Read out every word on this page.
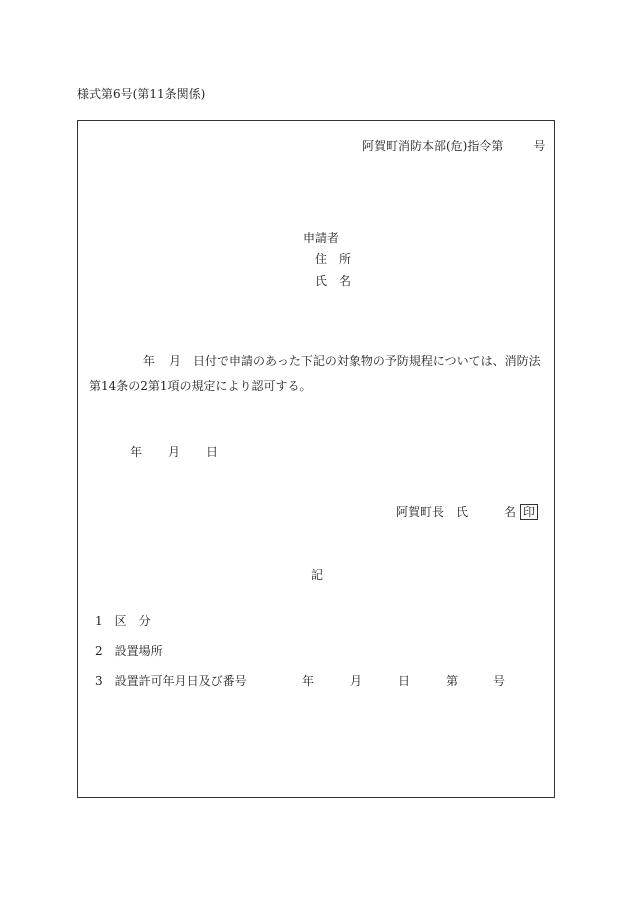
様式第6号(第11条関係)
阿賀町消防本部(危)指令第	号
申請者
住　所
氏　名
年 月 日付で申請のあった下記の対象物の予防規程については、消防法第14条の2第1項の規定により認可する。
年 月 日
阿賀町長　氏	名 印
記
1 区　分
2 設置場所
3 設置許可年月日及び番号	年	月	日	第	号
